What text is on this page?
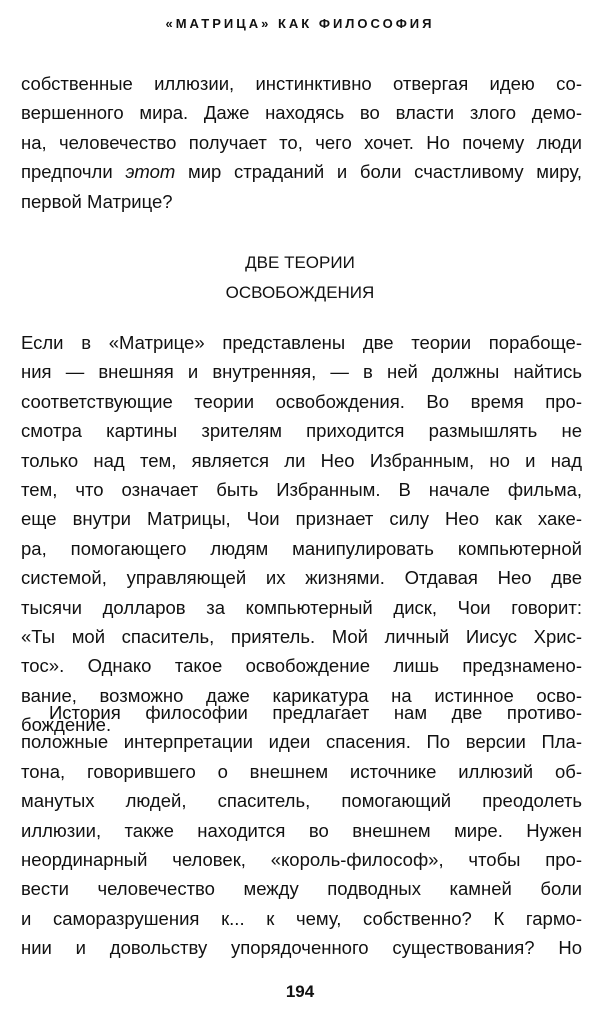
«МАТРИЦА» КАК ФИЛОСОФИЯ
собственные иллюзии, инстинктивно отвергая идею со-
вершенного мира. Даже находясь во власти злого демо-
на, человечество получает то, чего хочет. Но почему люди
предпочли этот мир страданий и боли счастливому миру,
первой Матрице?
ДВЕ ТЕОРИИ
ОСВОБОЖДЕНИЯ
Если в «Матрице» представлены две теории порабоще-
ния — внешняя и внутренняя, — в ней должны найтись
соответствующие теории освобождения. Во время про-
смотра картины зрителям приходится размышлять не
только над тем, является ли Нео Избранным, но и над
тем, что означает быть Избранным. В начале фильма,
еще внутри Матрицы, Чои признает силу Нео как хаке-
ра, помогающего людям манипулировать компьютерной
системой, управляющей их жизнями. Отдавая Нео две
тысячи долларов за компьютерный диск, Чои говорит:
«Ты мой спаситель, приятель. Мой личный Иисус Хрис-
тос». Однако такое освобождение лишь предзнамено-
вание, возможно даже карикатура на истинное осво-
бождение.
История философии предлагает нам две противо-
положные интерпретации идеи спасения. По версии Пла-
тона, говорившего о внешнем источнике иллюзий об-
манутых людей, спаситель, помогающий преодолеть
иллюзии, также находится во внешнем мире. Нужен
неординарный человек, «король-философ», чтобы про-
вести человечество между подводных камней боли
и саморазрушения к... к чему, собственно? К гармо-
нии и довольству упорядоченного существования? Но
194
